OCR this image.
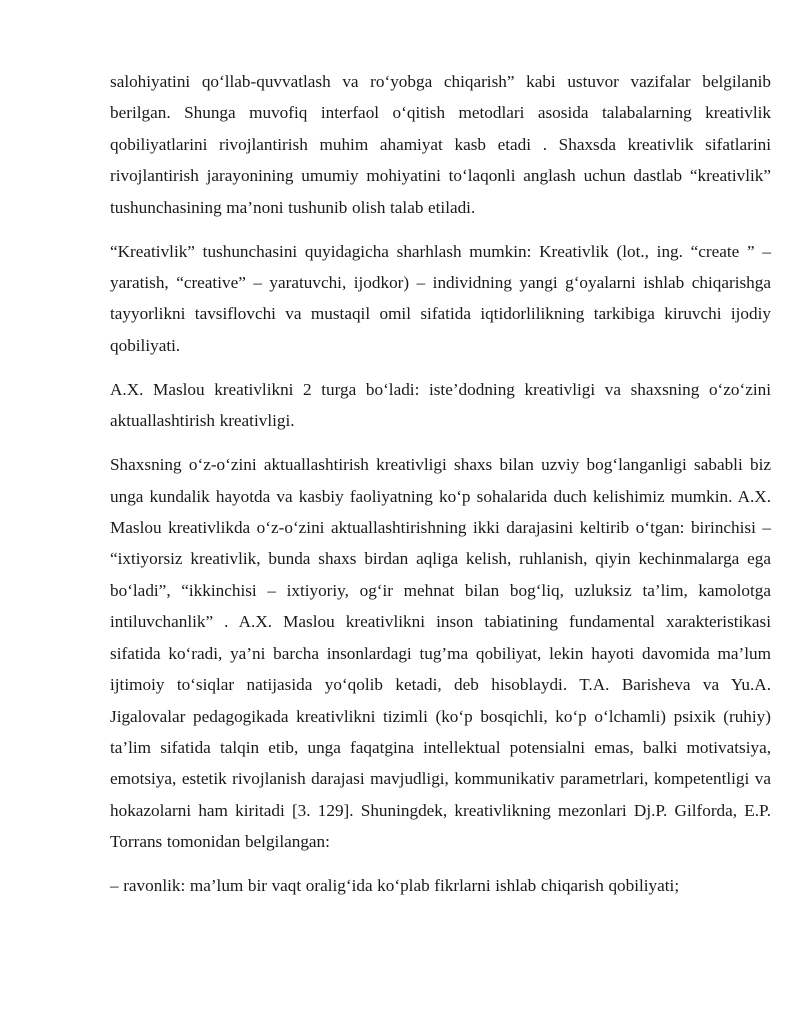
salohiyatini qo‘llab-quvvatlash va ro‘yobga chiqarish” kabi ustuvor vazifalar belgilanib berilgan. Shunga muvofiq interfaol o‘qitish metodlari asosida talabalarning kreativlik qobiliyatlarini rivojlantirish muhim ahamiyat kasb etadi . Shaxsda kreativlik sifatlarini rivojlantirish jarayonining umumiy mohiyatini to‘laqonli anglash uchun dastlab “kreativlik” tushunchasining ma’noni tushunib olish talab etiladi.

“Kreativlik” tushunchasini quyidagicha sharhlash mumkin: Kreativlik (lot., ing. “create ” – yaratish, “creative” – yaratuvchi, ijodkor) – individning yangi g‘oyalarni ishlab chiqarishga tayyorlikni tavsiflovchi va mustaqil omil sifatida iqtidorlilikning tarkibiga kiruvchi ijodiy qobiliyati.

A.X. Maslou kreativlikni 2 turga bo‘ladi: iste’dodning kreativligi va shaxsning o‘zo‘zini aktuallashtirish kreativligi.

Shaxsning o‘z-o‘zini aktuallashtirish kreativligi shaxs bilan uzviy bog‘langanligi sababli biz unga kundalik hayotda va kasbiy faoliyatning ko‘p sohalarida duch kelishimiz mumkin. A.X. Maslou kreativlikda o‘z-o‘zini aktuallashtirishning ikki darajasini keltirib o‘tgan: birinchisi – “ixtiyorsiz kreativlik, bunda shaxs birdan aqliga kelish, ruhlanish, qiyin kechinmalarga ega bo‘ladi”, “ikkinchisi – ixtiyoriy, og‘ir mehnat bilan bog‘liq, uzluksiz ta’lim, kamolotga intiluvchanlik” . A.X. Maslou kreativlikni inson tabiatining fundamental xarakteristikasi sifatida ko‘radi, ya’ni barcha insonlardagi tug’ma qobiliyat, lekin hayoti davomida ma’lum ijtimoiy to‘siqlar natijasida yo‘qolib ketadi, deb hisoblaydi. T.A. Barisheva va Yu.A. Jigalovalar pedagogikada kreativlikni tizimli (ko‘p bosqichli, ko‘p o‘lchamli) psixik (ruhiy) ta’lim sifatida talqin etib, unga faqatgina intellektual potensialni emas, balki motivatsiya, emotsiya, estetik rivojlanish darajasi mavjudligi, kommunikativ parametrlari, kompetentligi va hokazolarni ham kiritadi [3. 129]. Shuningdek, kreativlikning mezonlari Dj.P. Gilforda, E.P. Torrans tomonidan belgilangan:

– ravonlik: ma’lum bir vaqt oralig‘ida ko‘plab fikrlarni ishlab chiqarish qobiliyati;
